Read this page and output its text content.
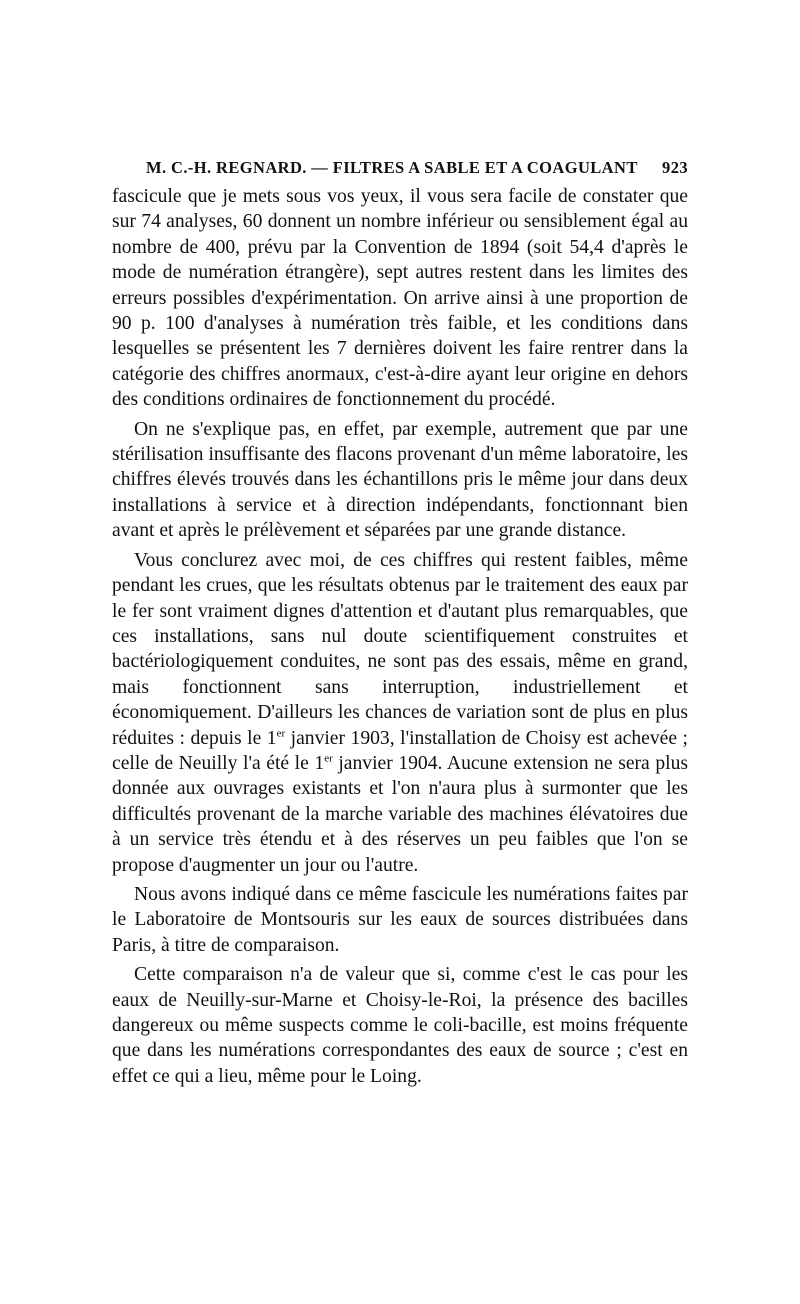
M. C.-H. REGNARD. — FILTRES A SABLE ET A COAGULANT 923

fascicule que je mets sous vos yeux, il vous sera facile de constater que sur 74 analyses, 60 donnent un nombre inférieur ou sensiblement égal au nombre de 400, prévu par la Convention de 1894 (soit 54,4 d'après le mode de numération étrangère), sept autres restent dans les limites des erreurs possibles d'expérimentation. On arrive ainsi à une proportion de 90 p. 100 d'analyses à numération très faible, et les conditions dans lesquelles se présentent les 7 dernières doivent les faire rentrer dans la catégorie des chiffres anormaux, c'est-à-dire ayant leur origine en dehors des conditions ordinaires de fonctionnement du procédé.

On ne s'explique pas, en effet, par exemple, autrement que par une stérilisation insuffisante des flacons provenant d'un même laboratoire, les chiffres élevés trouvés dans les échantillons pris le même jour dans deux installations à service et à direction indépendants, fonctionnant bien avant et après le prélèvement et séparées par une grande distance.

Vous conclurez avec moi, de ces chiffres qui restent faibles, même pendant les crues, que les résultats obtenus par le traitement des eaux par le fer sont vraiment dignes d'attention et d'autant plus remarquables, que ces installations, sans nul doute scientifiquement construites et bactériologiquement conduites, ne sont pas des essais, même en grand, mais fonctionnent sans interruption, industriellement et économiquement. D'ailleurs les chances de variation sont de plus en plus réduites : depuis le 1er janvier 1903, l'installation de Choisy est achevée ; celle de Neuilly l'a été le 1er janvier 1904. Aucune extension ne sera plus donnée aux ouvrages existants et l'on n'aura plus à surmonter que les difficultés provenant de la marche variable des machines élévatoires due à un service très étendu et à des réserves un peu faibles que l'on se propose d'augmenter un jour ou l'autre.

Nous avons indiqué dans ce même fascicule les numérations faites par le Laboratoire de Montsouris sur les eaux de sources distribuées dans Paris, à titre de comparaison.

Cette comparaison n'a de valeur que si, comme c'est le cas pour les eaux de Neuilly-sur-Marne et Choisy-le-Roi, la présence des bacilles dangereux ou même suspects comme le coli-bacille, est moins fréquente que dans les numérations correspondantes des eaux de source ; c'est en effet ce qui a lieu, même pour le Loing.
